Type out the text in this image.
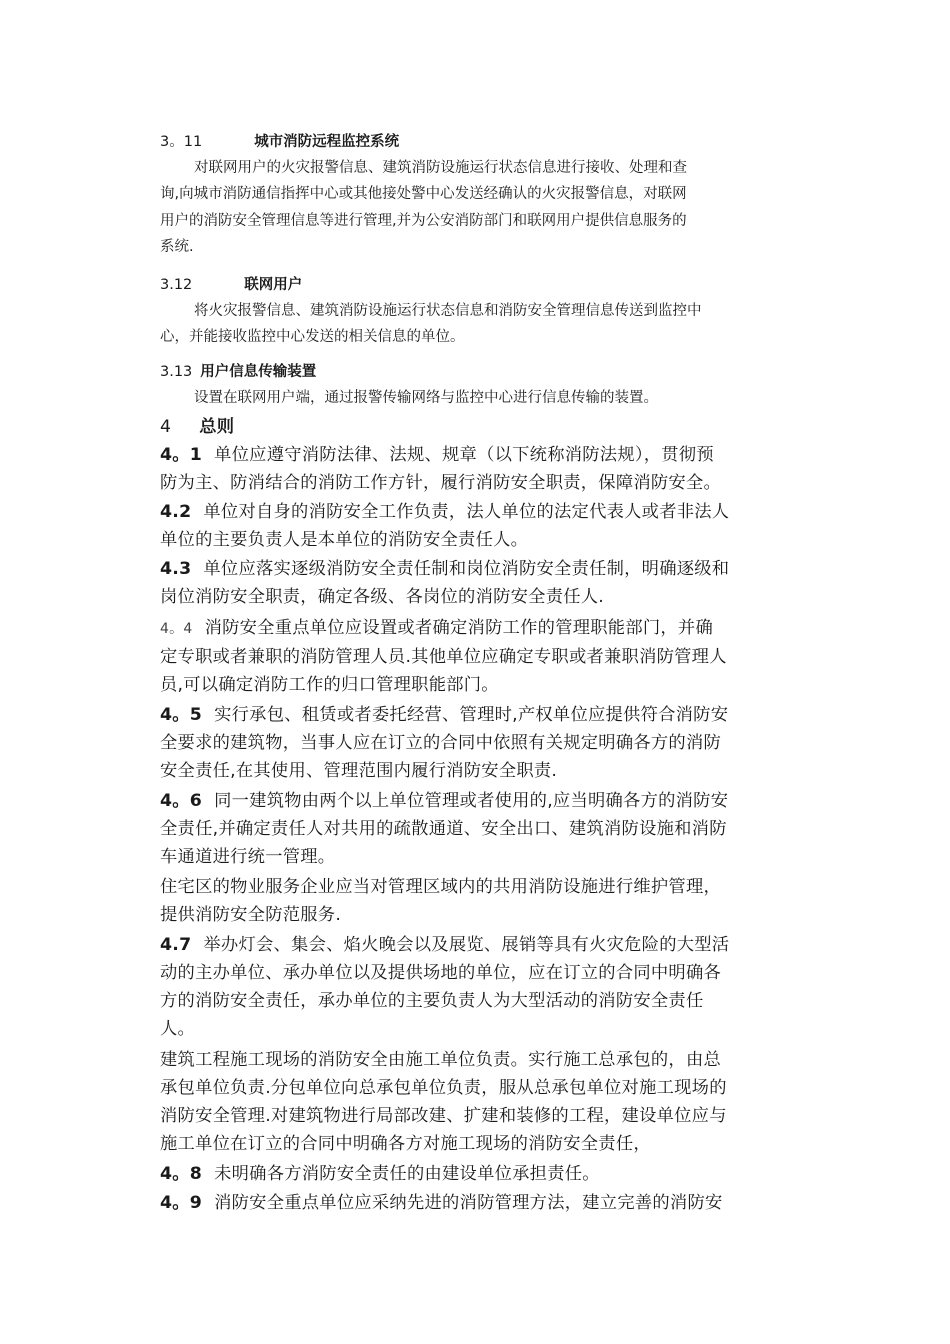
3。11	城市消防远程监控系统
对联网用户的火灾报警信息、建筑消防设施运行状态信息进行接收、处理和查
询,向城市消防通信指挥中心或其他接处警中心发送经确认的火灾报警信息，对联网
用户的消防安全管理信息等进行管理,并为公安消防部门和联网用户提供信息服务的
系统.
3.12	联网用户
将火灾报警信息、建筑消防设施运行状态信息和消防安全管理信息传送到监控中
心，并能接收监控中心发送的相关信息的单位。
3.13 用户信息传输装置
设置在联网用户端，通过报警传输网络与监控中心进行信息传输的装置。
4 总则
4。1 单位应遵守消防法律、法规、规章（以下统称消防法规），贯彻预
防为主、防消结合的消防工作方针，履行消防安全职责，保障消防安全。
4.2 单位对自身的消防安全工作负责，法人单位的法定代表人或者非法人
单位的主要负责人是本单位的消防安全责任人。
4.3 单位应落实逐级消防安全责任制和岗位消防安全责任制，明确逐级和
岗位消防安全职责，确定各级、各岗位的消防安全责任人.
4。4 消防安全重点单位应设置或者确定消防工作的管理职能部门，并确
定专职或者兼职的消防管理人员.其他单位应确定专职或者兼职消防管理人
员,可以确定消防工作的归口管理职能部门。
4。5 实行承包、租赁或者委托经营、管理时,产权单位应提供符合消防安
全要求的建筑物，当事人应在订立的合同中依照有关规定明确各方的消防
安全责任,在其使用、管理范围内履行消防安全职责.
4。6 同一建筑物由两个以上单位管理或者使用的,应当明确各方的消防安
全责任,并确定责任人对共用的疏散通道、安全出口、建筑消防设施和消防
车通道进行统一管理。
住宅区的物业服务企业应当对管理区域内的共用消防设施进行维护管理，
提供消防安全防范服务.
4.7 举办灯会、集会、焰火晚会以及展览、展销等具有火灾危险的大型活
动的主办单位、承办单位以及提供场地的单位，应在订立的合同中明确各
方的消防安全责任，承办单位的主要负责人为大型活动的消防安全责任
人。
建筑工程施工现场的消防安全由施工单位负责。实行施工总承包的，由总
承包单位负责.分包单位向总承包单位负责，服从总承包单位对施工现场的
消防安全管理.对建筑物进行局部改建、扩建和装修的工程，建设单位应与
施工单位在订立的合同中明确各方对施工现场的消防安全责任，
4。8 未明确各方消防安全责任的由建设单位承担责任。
4。9 消防安全重点单位应采纳先进的消防管理方法，建立完善的消防安
